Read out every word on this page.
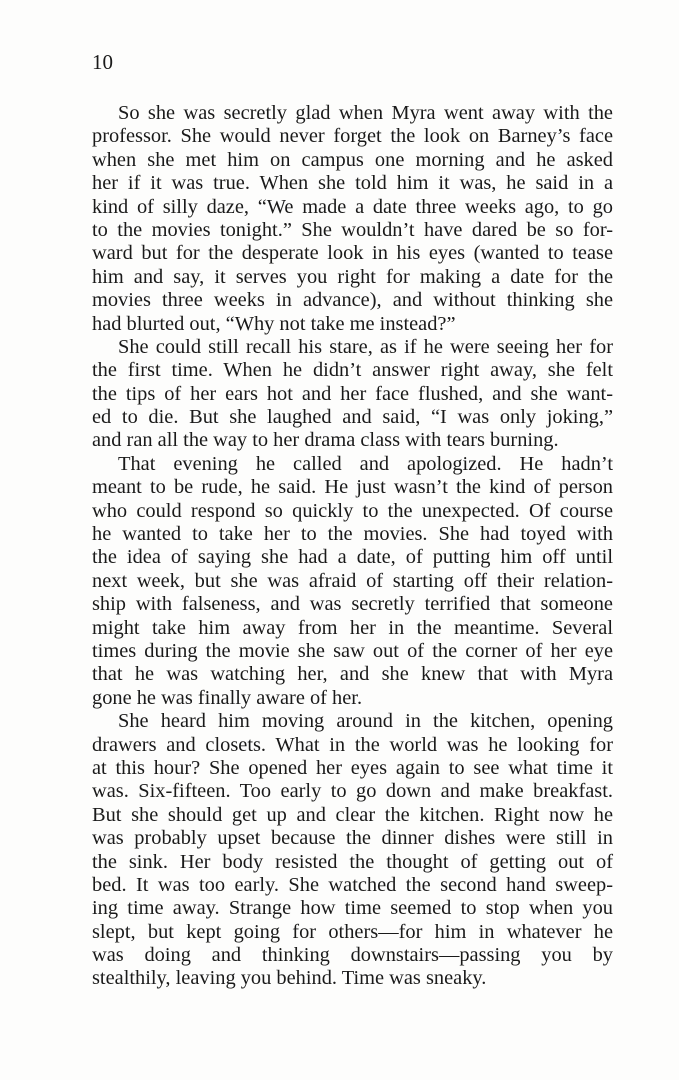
10
So she was secretly glad when Myra went away with the
professor. She would never forget the look on Barney’s face
when she met him on campus one morning and he asked
her if it was true. When she told him it was, he said in a
kind of silly daze, “We made a date three weeks ago, to go
to the movies tonight.” She wouldn’t have dared be so for-
ward but for the desperate look in his eyes (wanted to tease
him and say, it serves you right for making a date for the
movies three weeks in advance), and without thinking she
had blurted out, “Why not take me instead?”
She could still recall his stare, as if he were seeing her for
the first time. When he didn’t answer right away, she felt
the tips of her ears hot and her face flushed, and she want-
ed to die. But she laughed and said, “I was only joking,”
and ran all the way to her drama class with tears burning.
That evening he called and apologized. He hadn’t
meant to be rude, he said. He just wasn’t the kind of person
who could respond so quickly to the unexpected. Of course
he wanted to take her to the movies. She had toyed with
the idea of saying she had a date, of putting him off until
next week, but she was afraid of starting off their relation-
ship with falseness, and was secretly terrified that someone
might take him away from her in the meantime. Several
times during the movie she saw out of the corner of her eye
that he was watching her, and she knew that with Myra
gone he was finally aware of her.
She heard him moving around in the kitchen, opening
drawers and closets. What in the world was he looking for
at this hour? She opened her eyes again to see what time it
was. Six-fifteen. Too early to go down and make breakfast.
But she should get up and clear the kitchen. Right now he
was probably upset because the dinner dishes were still in
the sink. Her body resisted the thought of getting out of
bed. It was too early. She watched the second hand sweep-
ing time away. Strange how time seemed to stop when you
slept, but kept going for others—for him in whatever he
was doing and thinking downstairs—passing you by
stealthily, leaving you behind. Time was sneaky.
